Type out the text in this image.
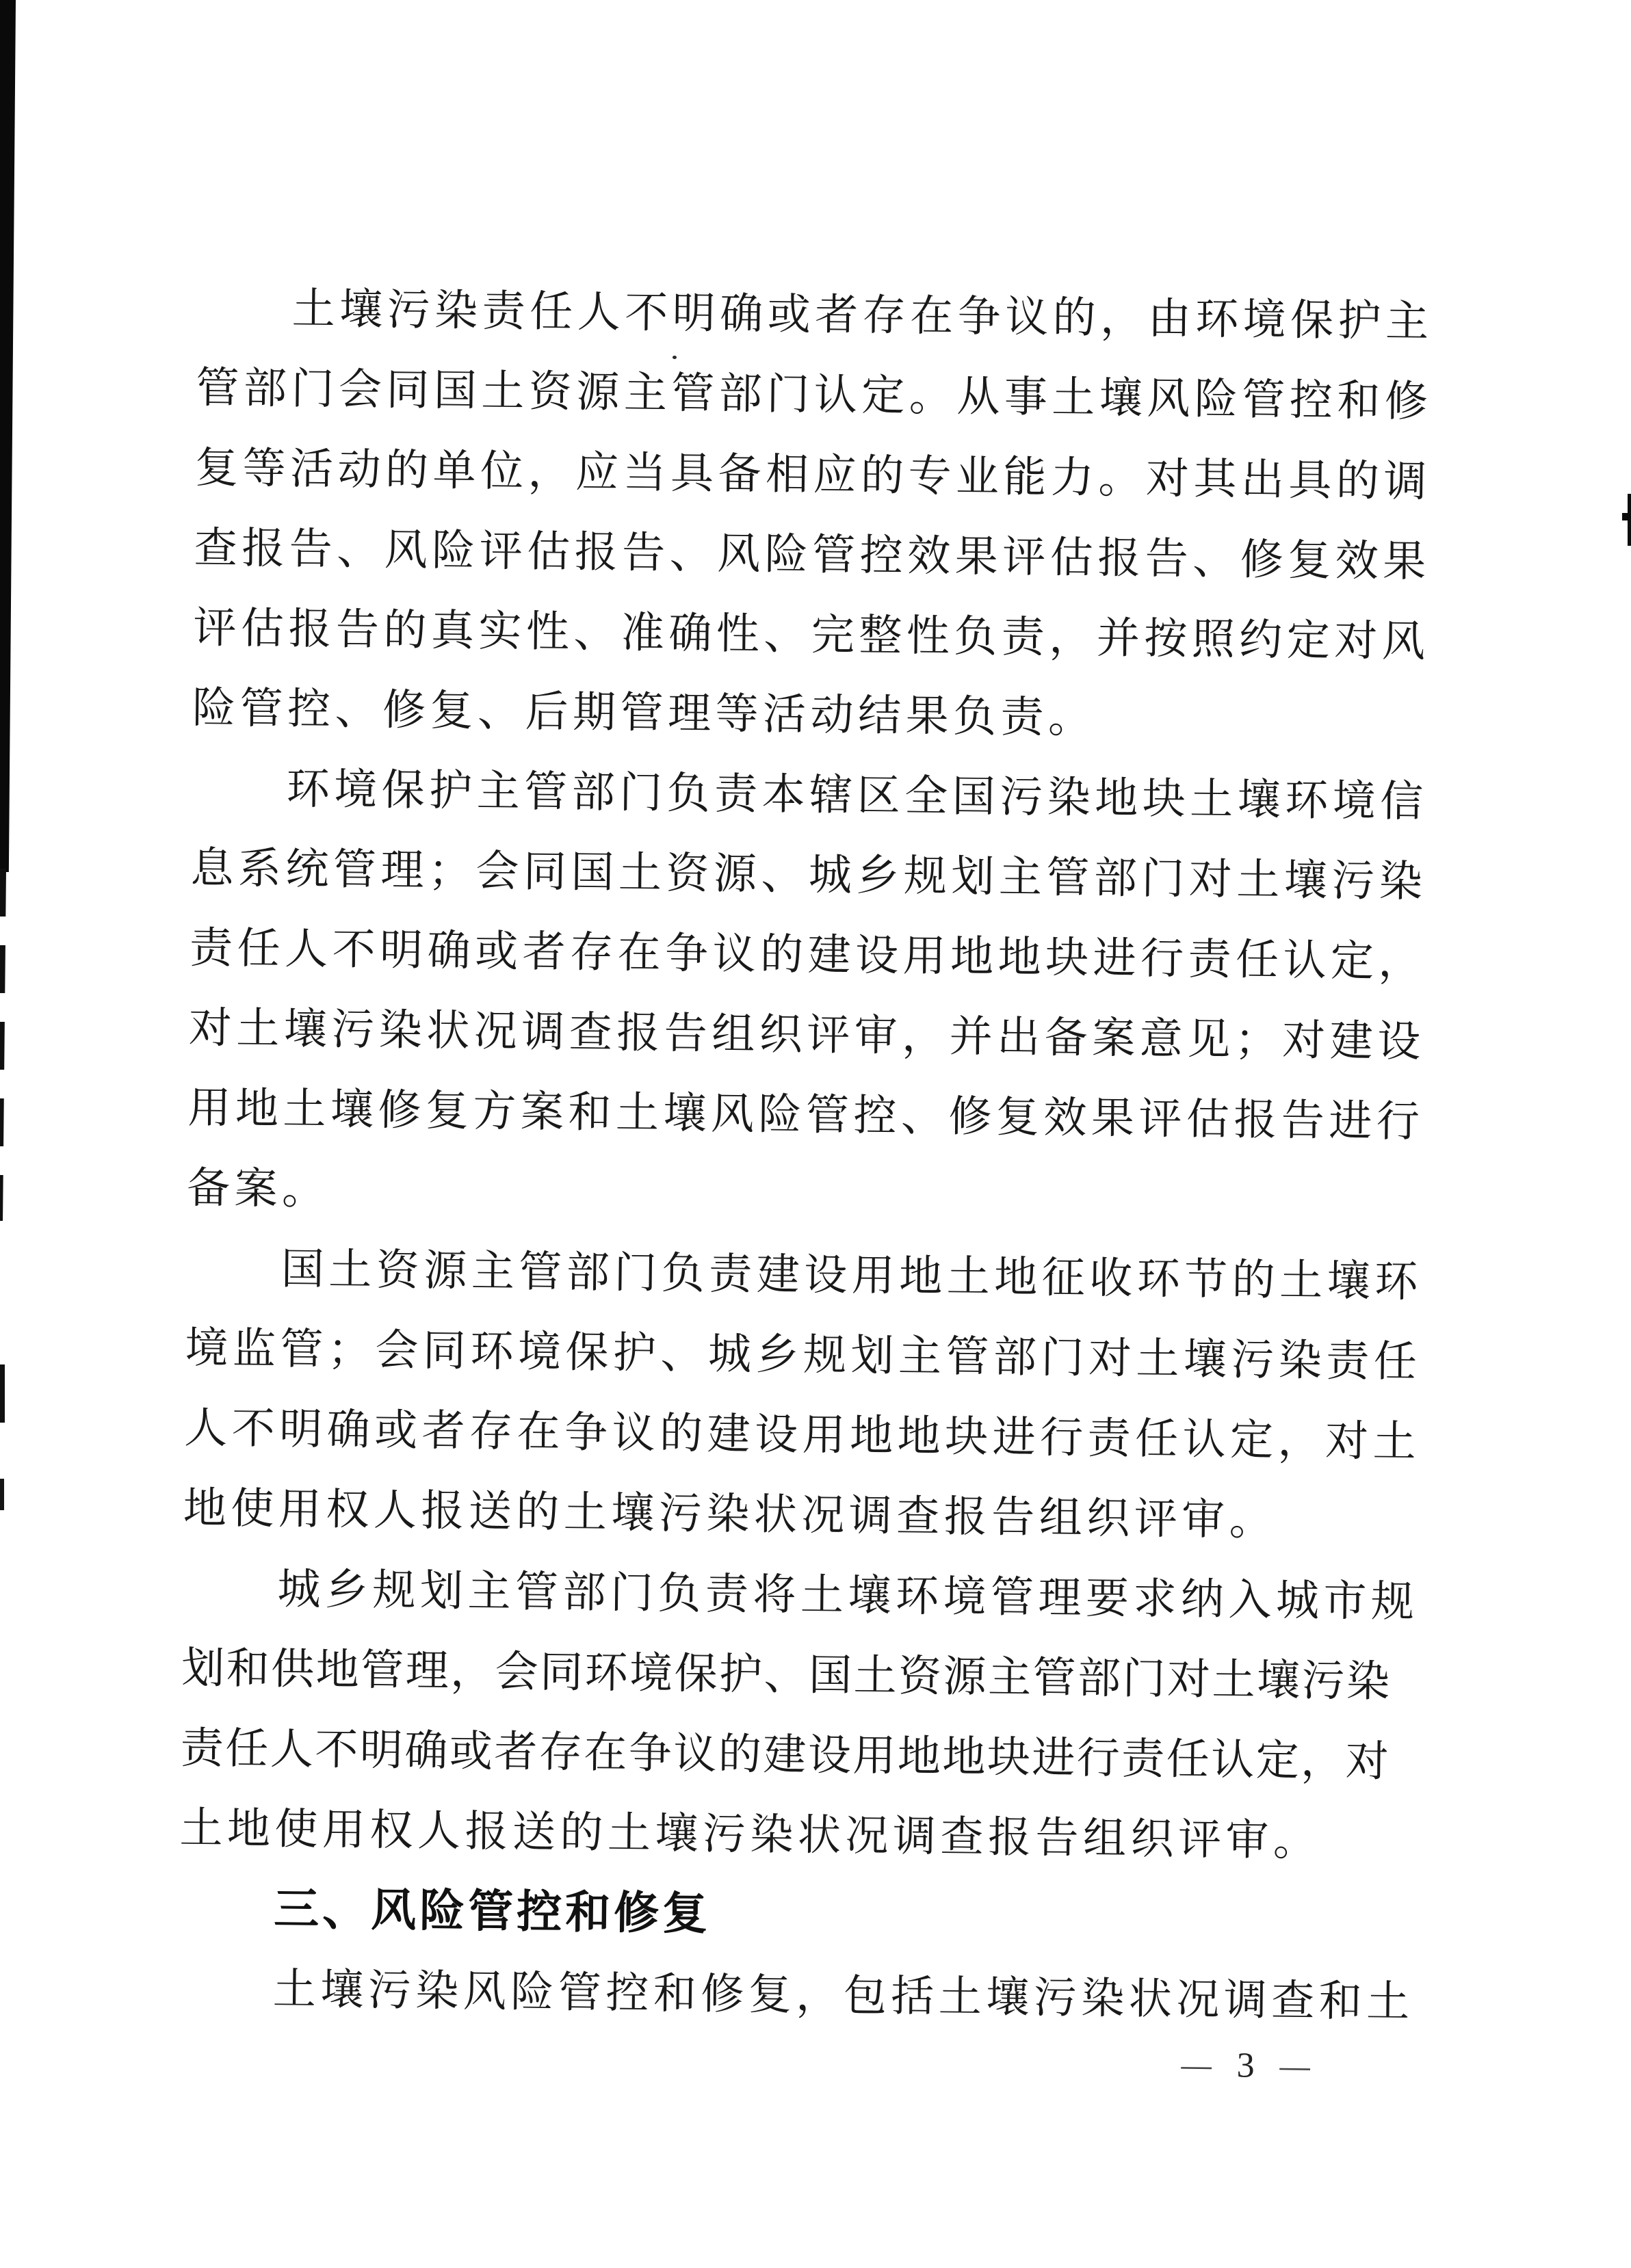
土壤污染责任人不明确或者存在争议的，由环境保护主
管部门会同国土资源主管部门认定。从事土壤风险管控和修
复等活动的单位，应当具备相应的专业能力。对其出具的调
查报告、风险评估报告、风险管控效果评估报告、修复效果
评估报告的真实性、准确性、完整性负责，并按照约定对风
险管控、修复、后期管理等活动结果负责。
环境保护主管部门负责本辖区全国污染地块土壤环境信
息系统管理；会同国土资源、城乡规划主管部门对土壤污染
责任人不明确或者存在争议的建设用地地块进行责任认定，
对土壤污染状况调查报告组织评审，并出备案意见；对建设
用地土壤修复方案和土壤风险管控、修复效果评估报告进行
备案。
国土资源主管部门负责建设用地土地征收环节的土壤环
境监管；会同环境保护、城乡规划主管部门对土壤污染责任
人不明确或者存在争议的建设用地地块进行责任认定，对土
地使用权人报送的土壤污染状况调查报告组织评审。
城乡规划主管部门负责将土壤环境管理要求纳入城市规
划和供地管理，会同环境保护、国土资源主管部门对土壤污染
责任人不明确或者存在争议的建设用地地块进行责任认定，对
土地使用权人报送的土壤污染状况调查报告组织评审。
三、风险管控和修复
土壤污染风险管控和修复，包括土壤污染状况调查和土
— 3 —
